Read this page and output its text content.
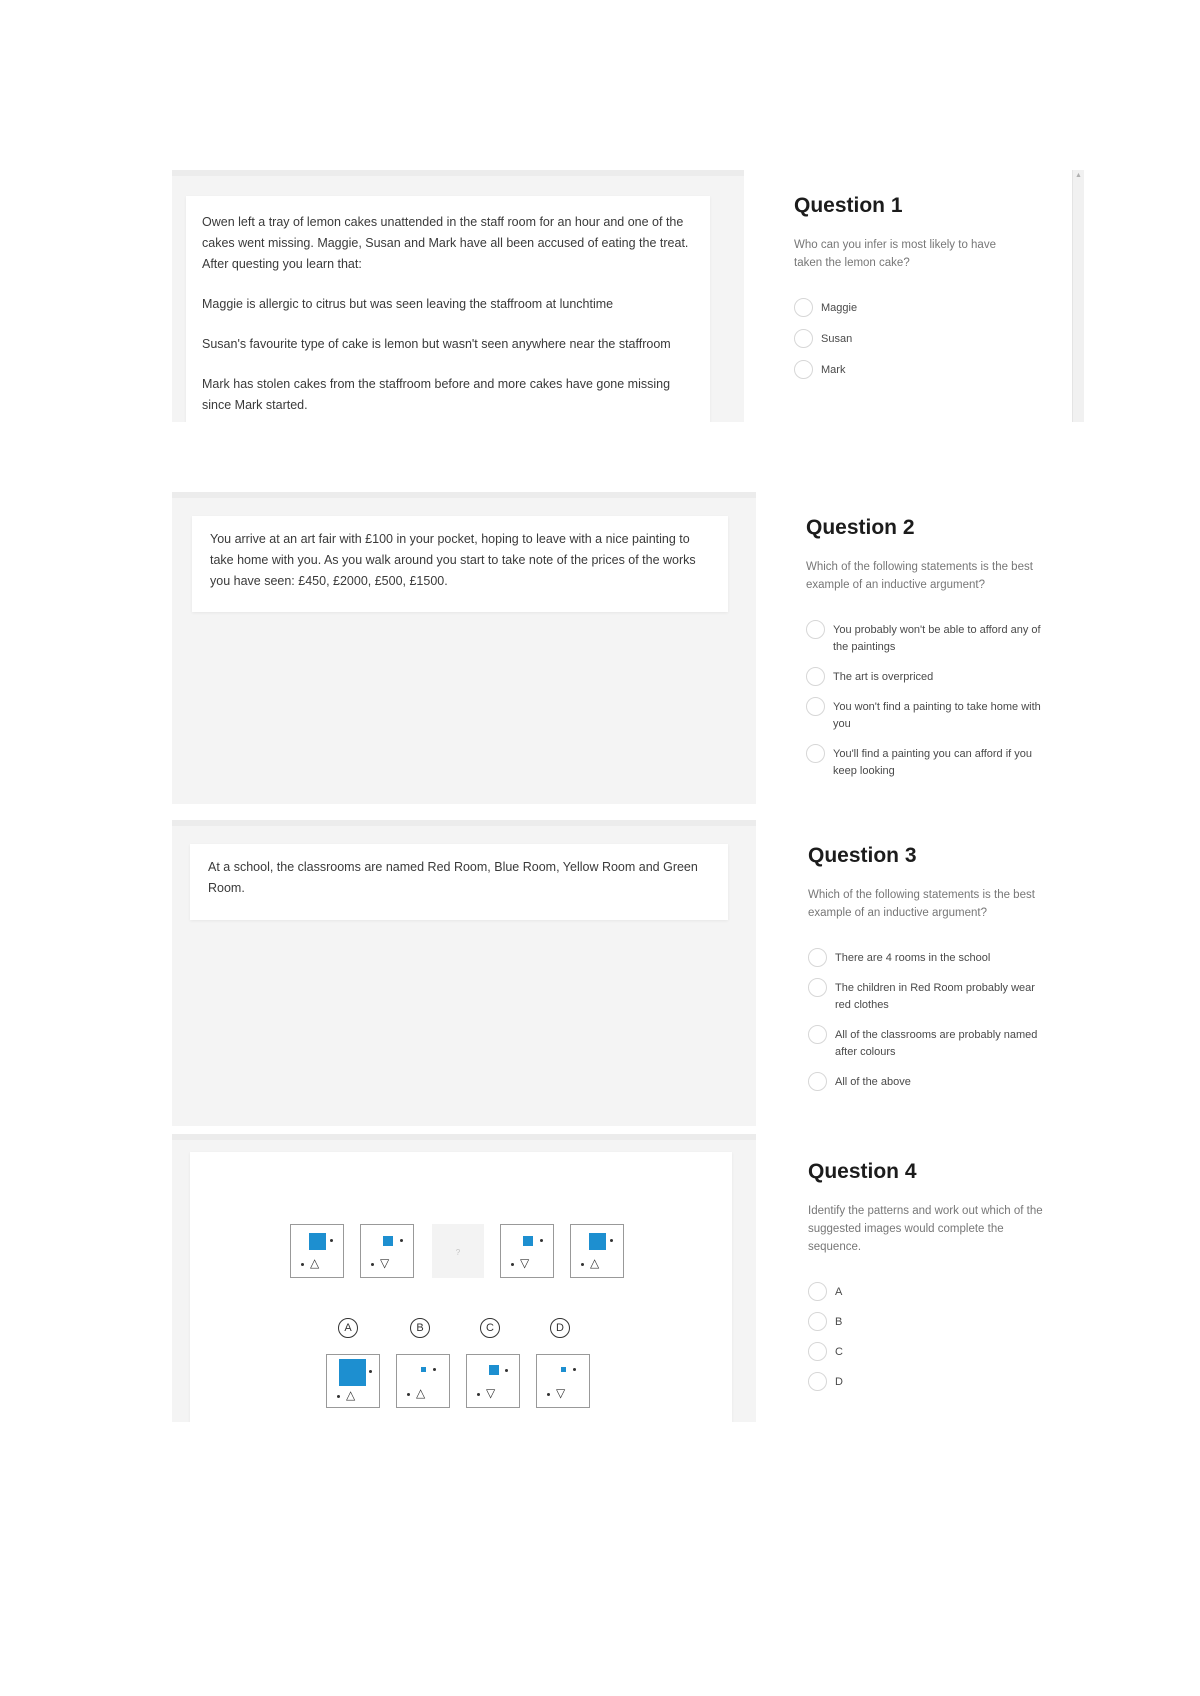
Owen left a tray of lemon cakes unattended in the staff room for an hour and one of the cakes went missing. Maggie, Susan and Mark have all been accused of eating the treat. After questing you learn that:

Maggie is allergic to citrus but was seen leaving the staffroom at lunchtime

Susan's favourite type of cake is lemon but wasn't seen anywhere near the staffroom

Mark has stolen cakes from the staffroom before and more cakes have gone missing since Mark started.

Question 1
Who can you infer is most likely to have taken the lemon cake?
Maggie
Susan
Mark
▲

You arrive at an art fair with £100 in your pocket, hoping to leave with a nice painting to take home with you. As you walk around you start to take note of the prices of the works you have seen: £450, £2000, £500, £1500.

Question 2
Which of the following statements is the best example of an inductive argument?
You probably won't be able to afford any of the paintings
The art is overpriced
You won't find a painting to take home with you
You'll find a painting you can afford if you keep looking

At a school, the classrooms are named Red Room, Blue Room, Yellow Room and Green Room.

Question 3
Which of the following statements is the best example of an inductive argument?
There are 4 rooms in the school
The children in Red Room probably wear red clothes
All of the classrooms are probably named after colours
All of the above
△	▽
?
▽	△
A	B	C	D
△	△	▽	▽
Question 4
Identify the patterns and work out which of the suggested images would complete the sequence.
A
B
C
D
